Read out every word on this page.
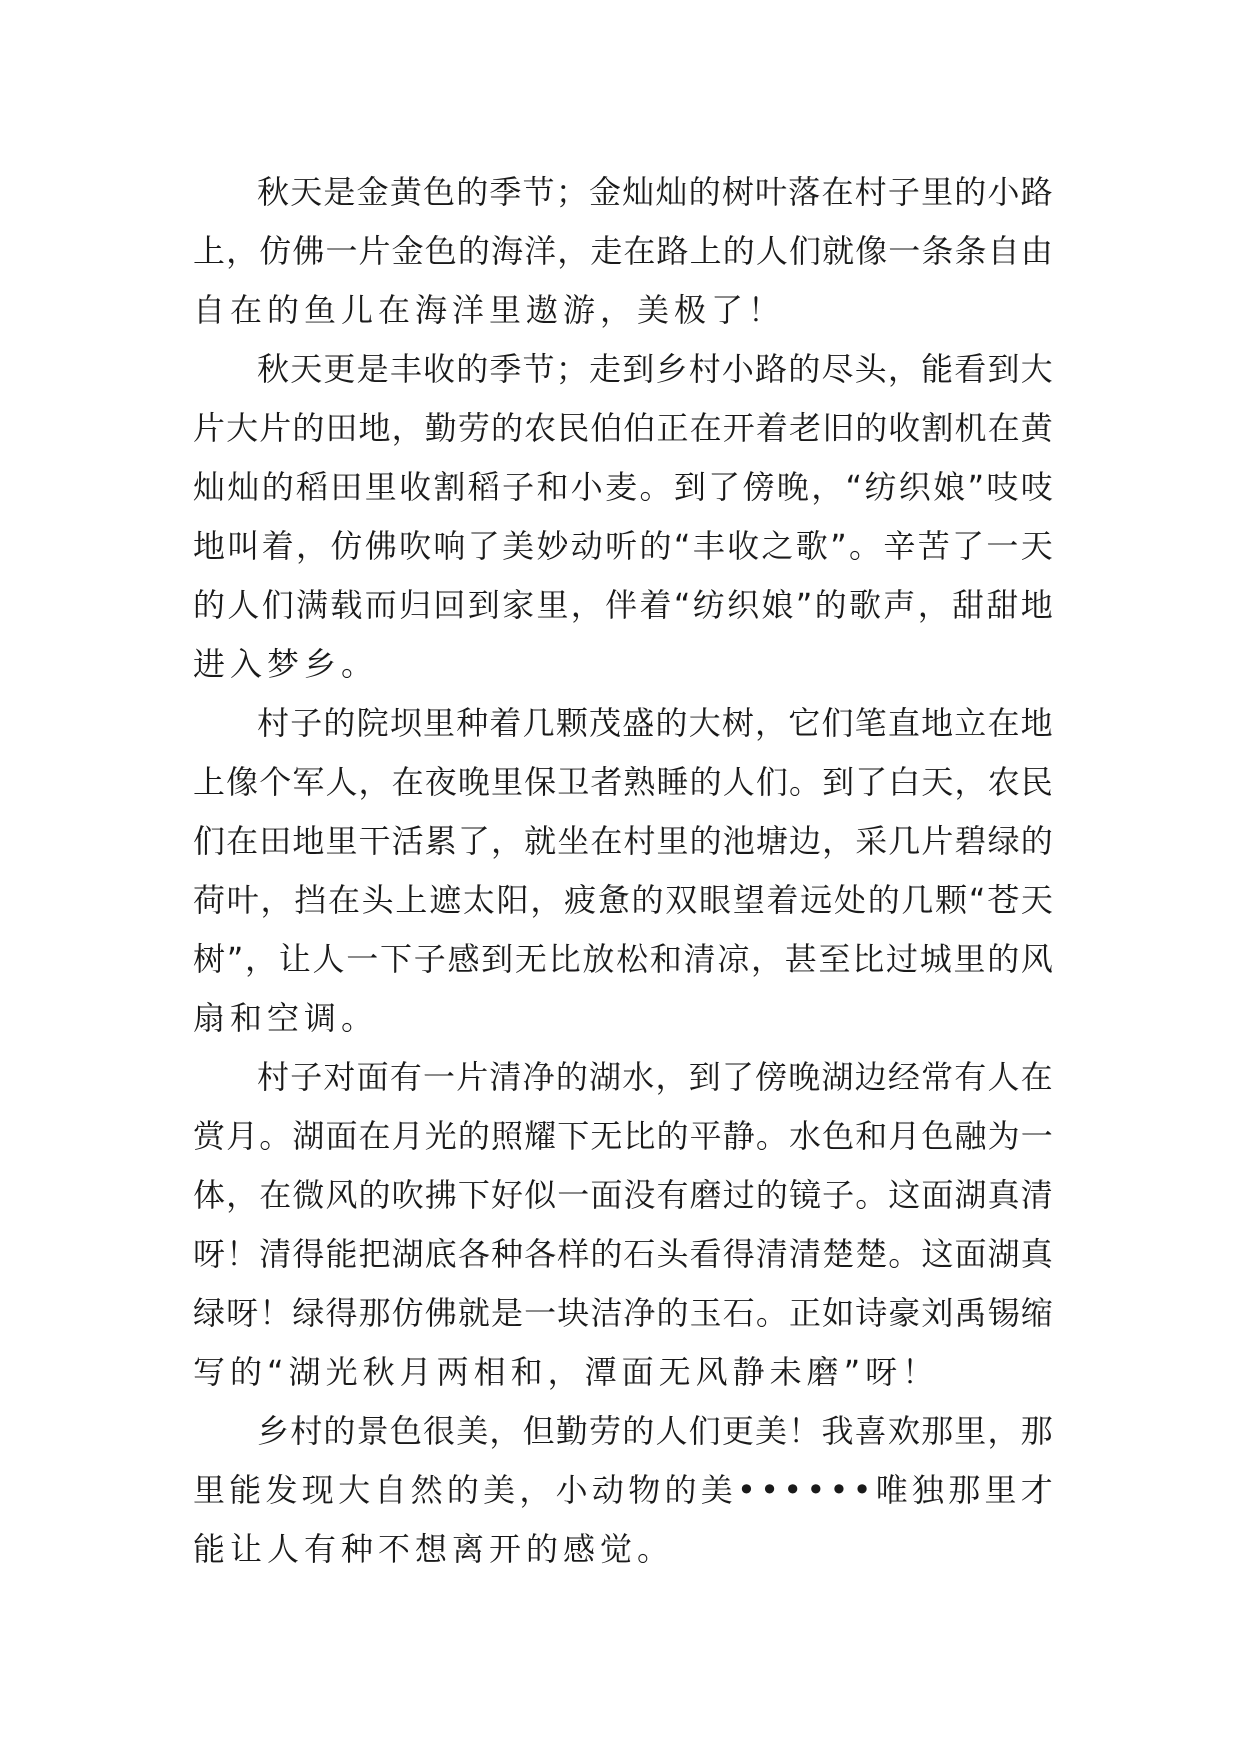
秋 天 是 金 黄 色 的 季 节 ； 金 灿 灿 的 树 叶 落 在 村 子 里 的 小 路
上 ， 仿 佛 一 片 金 色 的 海 洋 ， 走 在 路 上 的 人 们 就 像 一 条 条 自 由
自在的鱼儿在海洋里遨游，美极了！
秋 天 更 是 丰 收 的 季 节 ； 走 到 乡 村 小 路 的 尽 头 ， 能 看 到 大
片 大 片 的 田 地 ， 勤 劳 的 农 民 伯 伯 正 在 开 着 老 旧 的 收 割 机 在 黄
灿 灿 的 稻 田 里 收 割 稻 子 和 小 麦 。 到 了 傍 晚 ， “ 纺 织 娘 ” 吱 吱
地 叫 着 ， 仿 佛 吹 响 了 美 妙 动 听 的 “ 丰 收 之 歌 ” 。 辛 苦 了 一 天
的 人 们 满 载 而 归 回 到 家 里 ， 伴 着 “ 纺 织 娘 ” 的 歌 声 ， 甜 甜 地
进入梦乡。
村 子 的 院 坝 里 种 着 几 颗 茂 盛 的 大 树 ， 它 们 笔 直 地 立 在 地
上 像 个 军 人 ， 在 夜 晚 里 保 卫 者 熟 睡 的 人 们 。 到 了 白 天 ， 农 民
们 在 田 地 里 干 活 累 了 ， 就 坐 在 村 里 的 池 塘 边 ， 采 几 片 碧 绿 的
荷 叶 ， 挡 在 头 上 遮 太 阳 ， 疲 惫 的 双 眼 望 着 远 处 的 几 颗 “ 苍 天
树 ” ， 让 人 一 下 子 感 到 无 比 放 松 和 清 凉 ， 甚 至 比 过 城 里 的 风
扇和空调。
村 子 对 面 有 一 片 清 净 的 湖 水 ， 到 了 傍 晚 湖 边 经 常 有 人 在
赏 月 。 湖 面 在 月 光 的 照 耀 下 无 比 的 平 静 。 水 色 和 月 色 融 为 一
体 ， 在 微 风 的 吹 拂 下 好 似 一 面 没 有 磨 过 的 镜 子 。 这 面 湖 真 清
呀 ！ 清 得 能 把 湖 底 各 种 各 样 的 石 头 看 得 清 清 楚 楚 。 这 面 湖 真
绿 呀 ！ 绿 得 那 仿 佛 就 是 一 块 洁 净 的 玉 石 。 正 如 诗 豪 刘 禹 锡 缩
写的“湖光秋月两相和，潭面无风静未磨”呀！
乡 村 的 景 色 很 美 ， 但 勤 劳 的 人 们 更 美 ！ 我 喜 欢 那 里 ， 那
里 能 发 现 大 自 然 的 美 ， 小 动 物 的 美 • • • • • • 唯 独 那 里 才
能让人有种不想离开的感觉。
